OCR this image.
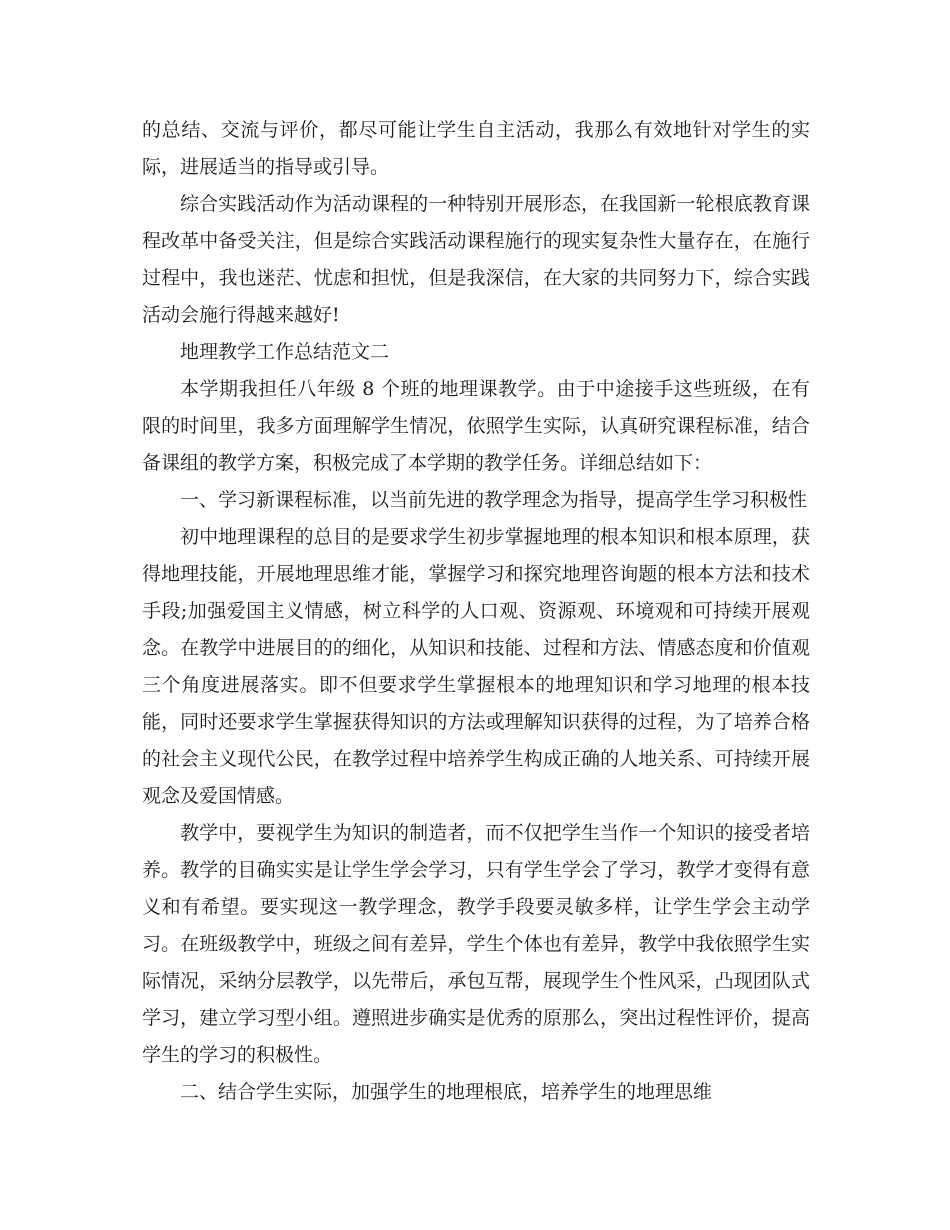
的总结、交流与评价，都尽可能让学生自主活动，我那么有效地针对学生的实际，进展适当的指导或引导。

综合实践活动作为活动课程的一种特别开展形态，在我国新一轮根底教育课程改革中备受关注，但是综合实践活动课程施行的现实复杂性大量存在，在施行过程中，我也迷茫、忧虑和担忧，但是我深信，在大家的共同努力下，综合实践活动会施行得越来越好!

地理教学工作总结范文二

本学期我担任八年级 8 个班的地理课教学。由于中途接手这些班级，在有限的时间里，我多方面理解学生情况，依照学生实际，认真研究课程标准，结合备课组的教学方案，积极完成了本学期的教学任务。详细总结如下：

一、学习新课程标准，以当前先进的教学理念为指导，提高学生学习积极性

初中地理课程的总目的是要求学生初步掌握地理的根本知识和根本原理，获得地理技能，开展地理思维才能，掌握学习和探究地理咨询题的根本方法和技术手段;加强爱国主义情感，树立科学的人口观、资源观、环境观和可持续开展观念。在教学中进展目的的细化，从知识和技能、过程和方法、情感态度和价值观三个角度进展落实。即不但要求学生掌握根本的地理知识和学习地理的根本技能，同时还要求学生掌握获得知识的方法或理解知识获得的过程，为了培养合格的社会主义现代公民，在教学过程中培养学生构成正确的人地关系、可持续开展观念及爱国情感。

教学中，要视学生为知识的制造者，而不仅把学生当作一个知识的接受者培养。教学的目确实实是让学生学会学习，只有学生学会了学习，教学才变得有意义和有希望。要实现这一教学理念，教学手段要灵敏多样，让学生学会主动学习。在班级教学中，班级之间有差异，学生个体也有差异，教学中我依照学生实际情况，采纳分层教学，以先带后，承包互帮，展现学生个性风采，凸现团队式学习，建立学习型小组。遵照进步确实是优秀的原那么，突出过程性评价，提高学生的学习的积极性。

二、结合学生实际，加强学生的地理根底，培养学生的地理思维
